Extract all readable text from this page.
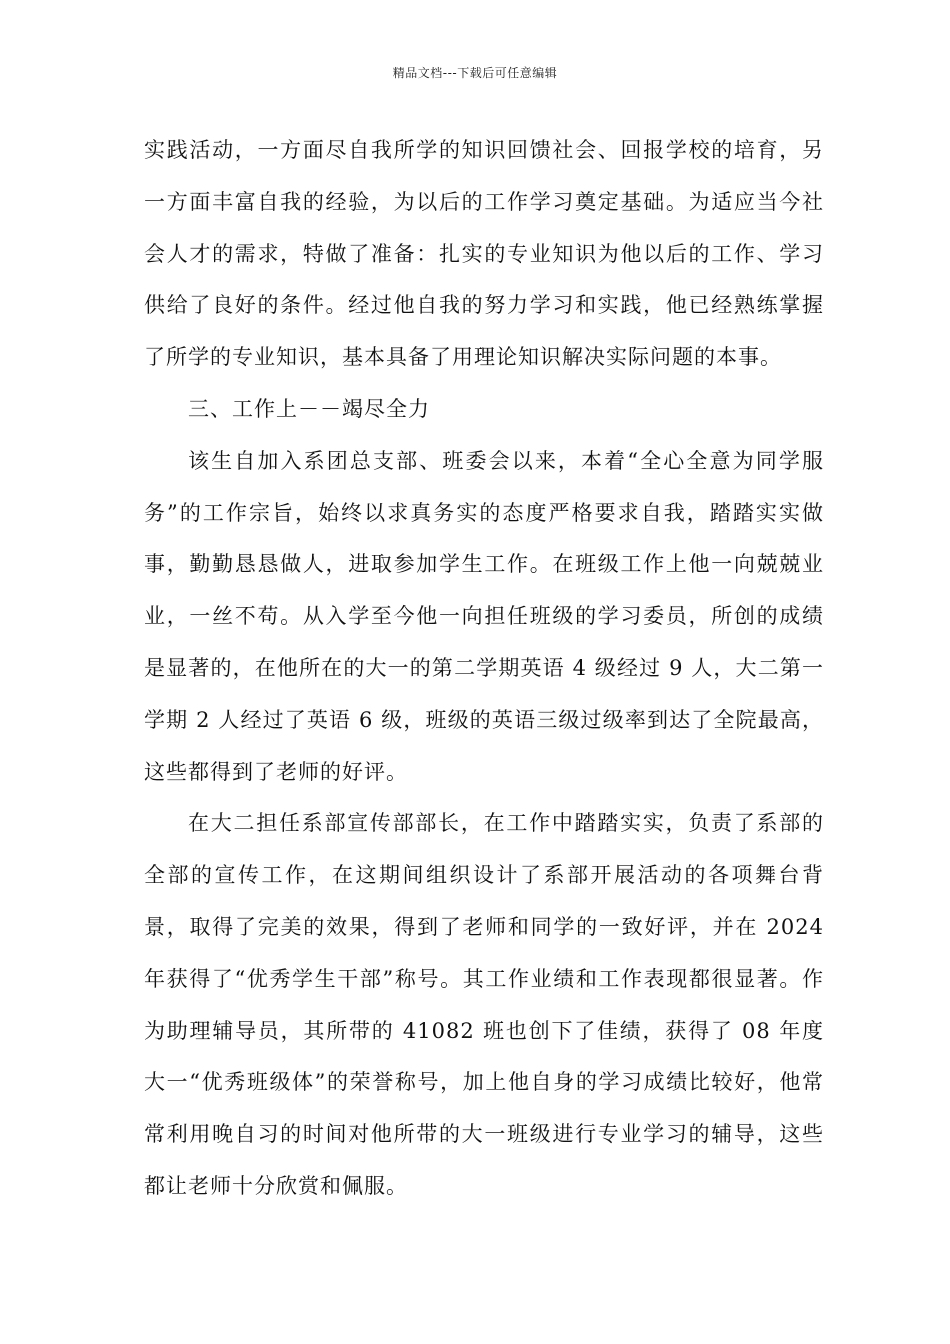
精品文档---下载后可任意编辑

实践活动，一方面尽自我所学的知识回馈社会、回报学校的培育，另一方面丰富自我的经验，为以后的工作学习奠定基础。为适应当今社会人才的需求，特做了准备：扎实的专业知识为他以后的工作、学习供给了良好的条件。经过他自我的努力学习和实践，他已经熟练掌握了所学的专业知识，基本具备了用理论知识解决实际问题的本事。

三、工作上－－竭尽全力

该生自加入系团总支部、班委会以来，本着“全心全意为同学服务”的工作宗旨，始终以求真务实的态度严格要求自我，踏踏实实做事，勤勤恳恳做人，进取参加学生工作。在班级工作上他一向兢兢业业，一丝不苟。从入学至今他一向担任班级的学习委员，所创的成绩是显著的，在他所在的大一的第二学期英语 4 级经过 9 人，大二第一学期 2 人经过了英语 6 级，班级的英语三级过级率到达了全院最高，这些都得到了老师的好评。

在大二担任系部宣传部部长，在工作中踏踏实实，负责了系部的全部的宣传工作，在这期间组织设计了系部开展活动的各项舞台背景，取得了完美的效果，得到了老师和同学的一致好评，并在 2024 年获得了“优秀学生干部”称号。其工作业绩和工作表现都很显著。作为助理辅导员，其所带的 41082 班也创下了佳绩，获得了 08 年度大一“优秀班级体”的荣誉称号，加上他自身的学习成绩比较好，他常常利用晚自习的时间对他所带的大一班级进行专业学习的辅导，这些都让老师十分欣赏和佩服。
